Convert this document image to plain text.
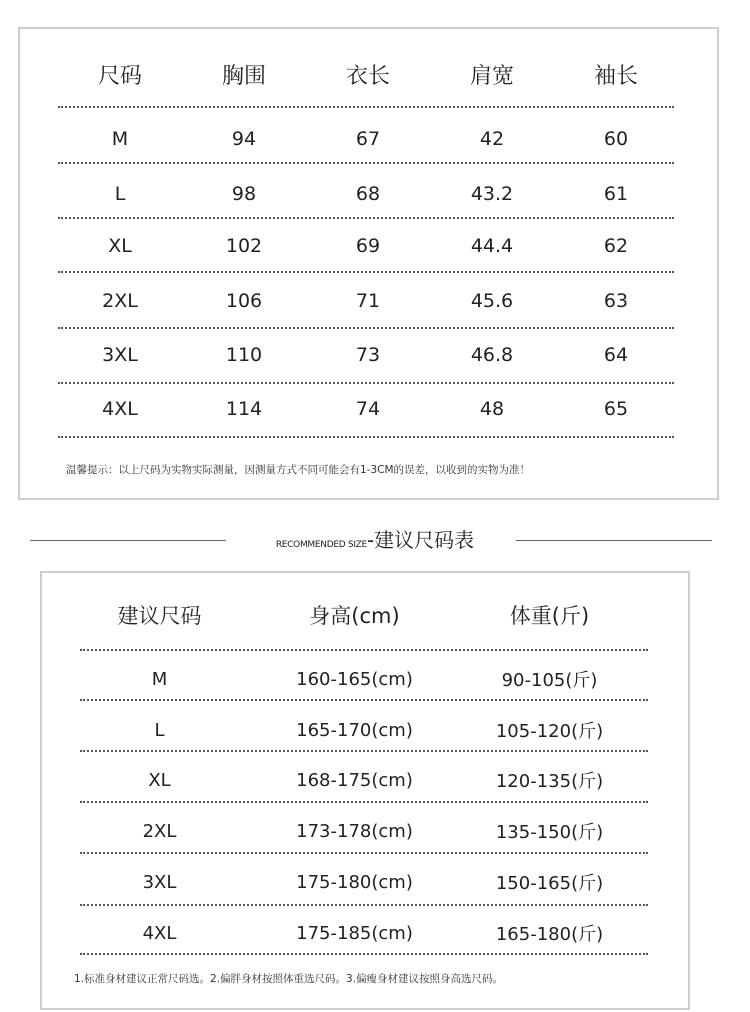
尺码	胸围	衣长	肩宽	袖长
M	94	67	42	60
L	98	68	43.2	61
XL	102	69	44.4	62
2XL	106	71	45.6	63
3XL	110	73	46.8	64
4XL	114	74	48	65
温馨提示：以上尺码为实物实际测量，因测量方式不同可能会有1-3CM的误差，以收到的实物为准！
RECOMMENDED SIZE-建议尺码表
建议尺码	身高(cm)	体重(斤)
M	160-165(cm)	90-105(斤)
L	165-170(cm)	105-120(斤)
XL	168-175(cm)	120-135(斤)
2XL	173-178(cm)	135-150(斤)
3XL	175-180(cm)	150-165(斤)
4XL	175-185(cm)	165-180(斤)
1.标准身材建议正常尺码选。2.偏胖身材按照体重选尺码。3.偏瘦身材建议按照身高选尺码。
